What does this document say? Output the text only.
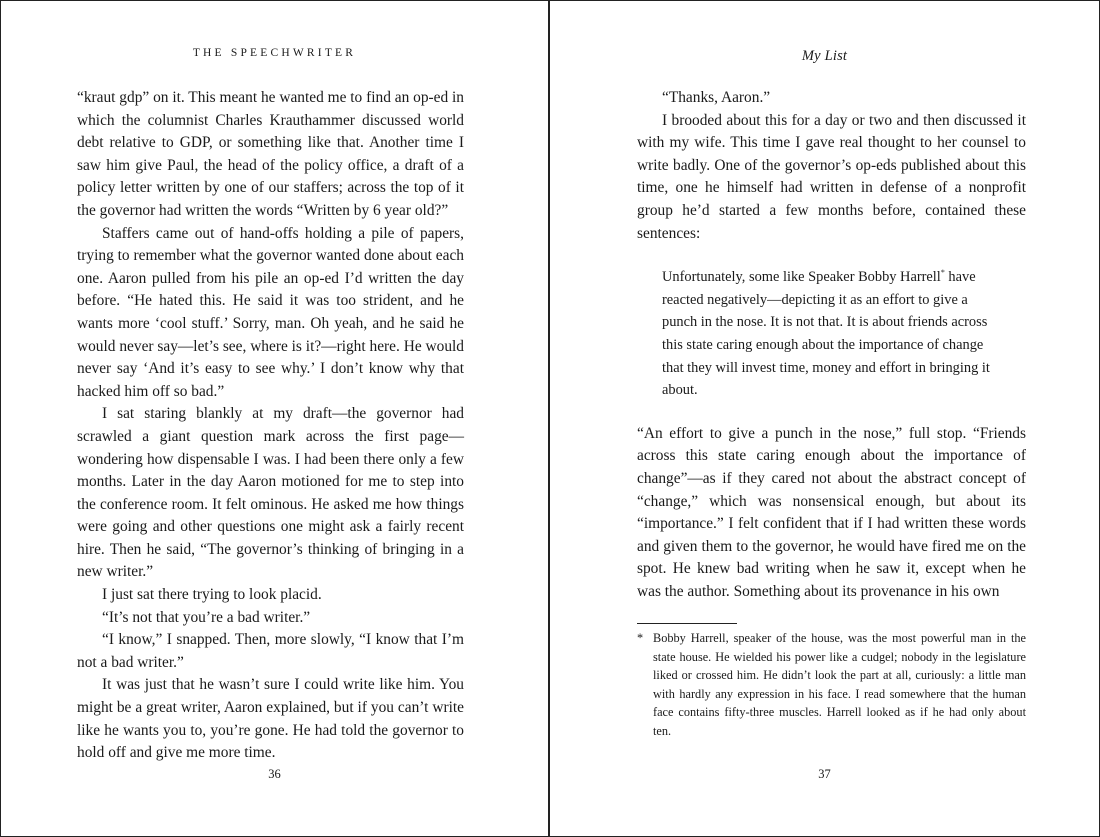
THE SPEECHWRITER

“kraut gdp” on it. This meant he wanted me to find an op-ed in which the columnist Charles Krauthammer discussed world debt relative to GDP, or something like that. Another time I saw him give Paul, the head of the policy office, a draft of a policy letter written by one of our staffers; across the top of it the governor had written the words “Written by 6 year old?”

Staffers came out of hand-offs holding a pile of papers, trying to remember what the governor wanted done about each one. Aaron pulled from his pile an op-ed I’d written the day before. “He hated this. He said it was too strident, and he wants more ‘cool stuff.’ Sorry, man. Oh yeah, and he said he would never say—let’s see, where is it?—right here. He would never say ‘And it’s easy to see why.’ I don’t know why that hacked him off so bad.”

I sat staring blankly at my draft—the governor had scrawled a giant question mark across the first page—wondering how dispensable I was. I had been there only a few months. Later in the day Aaron motioned for me to step into the conference room. It felt ominous. He asked me how things were going and other questions one might ask a fairly recent hire. Then he said, “The governor’s thinking of bringing in a new writer.”

I just sat there trying to look placid.

“It’s not that you’re a bad writer.”

“I know,” I snapped. Then, more slowly, “I know that I’m not a bad writer.”

It was just that he wasn’t sure I could write like him. You might be a great writer, Aaron explained, but if you can’t write like he wants you to, you’re gone. He had told the governor to hold off and give me more time.

36
My List

“Thanks, Aaron.”

I brooded about this for a day or two and then discussed it with my wife. This time I gave real thought to her counsel to write badly. One of the governor’s op-eds published about this time, one he himself had written in defense of a nonprofit group he’d started a few months before, contained these sentences:

Unfortunately, some like Speaker Bobby Harrell* have reacted negatively—depicting it as an effort to give a punch in the nose. It is not that. It is about friends across this state caring enough about the importance of change that they will invest time, money and effort in bringing it about.

“An effort to give a punch in the nose,” full stop. “Friends across this state caring enough about the importance of change”—as if they cared not about the abstract concept of “change,” which was nonsensical enough, but about its “importance.” I felt confident that if I had written these words and given them to the governor, he would have fired me on the spot. He knew bad writing when he saw it, except when he was the author. Something about its provenance in his own

* Bobby Harrell, speaker of the house, was the most powerful man in the state house. He wielded his power like a cudgel; nobody in the legislature liked or crossed him. He didn’t look the part at all, curiously: a little man with hardly any expression in his face. I read somewhere that the human face contains fifty-three muscles. Harrell looked as if he had only about ten.
37
